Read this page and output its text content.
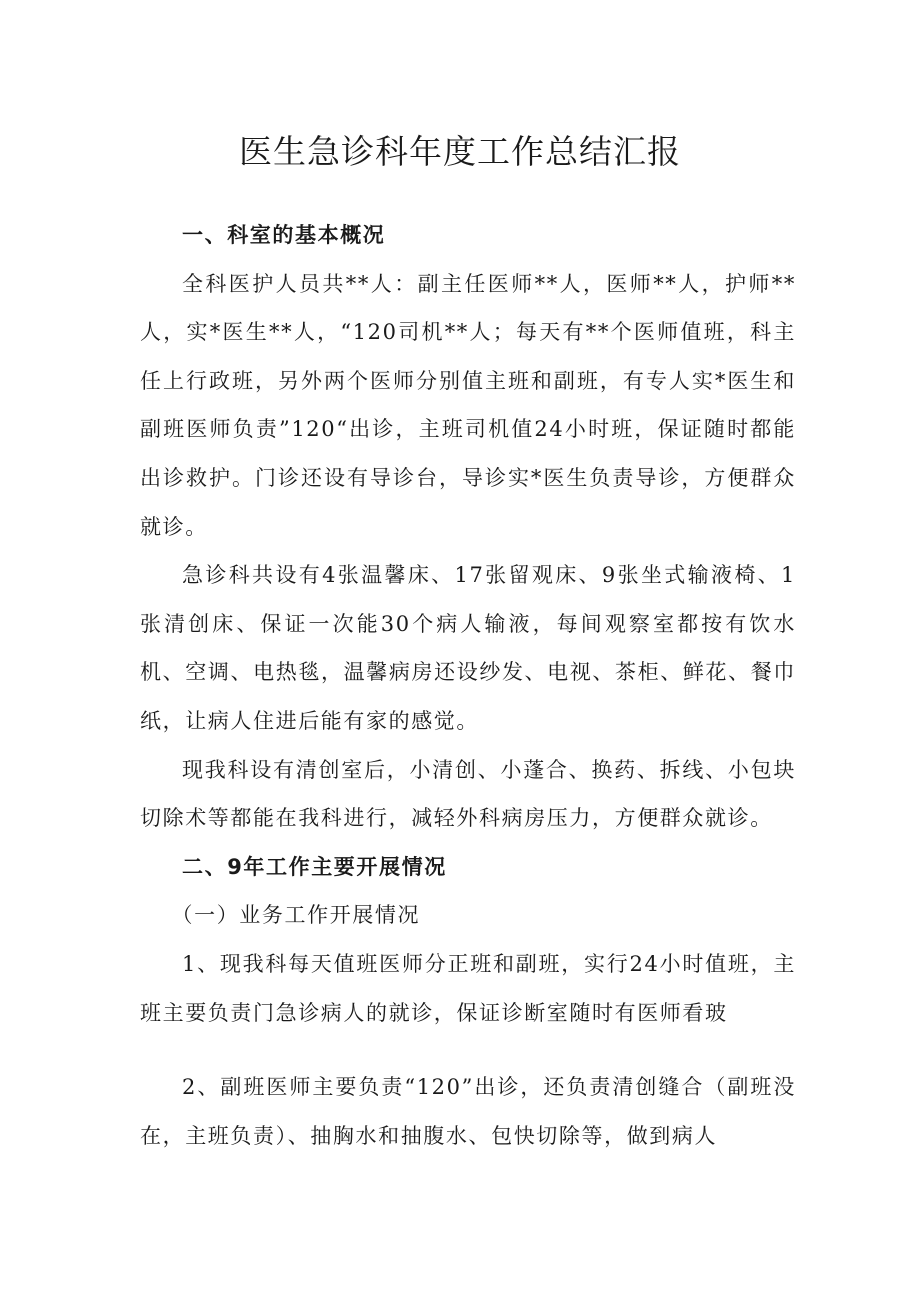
医生急诊科年度工作总结汇报
一、科室的基本概况

全科医护人员共**人：副主任医师**人，医师**人，护师**人，实*医生**人，“120司机**人；每天有**个医师值班，科主任上行政班，另外两个医师分别值主班和副班，有专人实*医生和副班医师负责”120“出诊，主班司机值24小时班，保证随时都能出诊救护。门诊还设有导诊台，导诊实*医生负责导诊，方便群众就诊。

急诊科共设有4张温馨床、17张留观床、9张坐式输液椅、1张清创床、保证一次能30个病人输液，每间观察室都按有饮水机、空调、电热毯，温馨病房还设纱发、电视、茶柜、鲜花、餐巾纸，让病人住进后能有家的感觉。

现我科设有清创室后，小清创、小蓬合、换药、拆线、小包块切除术等都能在我科进行，减轻外科病房压力，方便群众就诊。

二、9年工作主要开展情况
（一）业务工作开展情况

1、现我科每天值班医师分正班和副班，实行24小时值班，主班主要负责门急诊病人的就诊，保证诊断室随时有医师看玻

2、副班医师主要负责“120”出诊，还负责清创缝合（副班没在，主班负责）、抽胸水和抽腹水、包快切除等，做到病人
